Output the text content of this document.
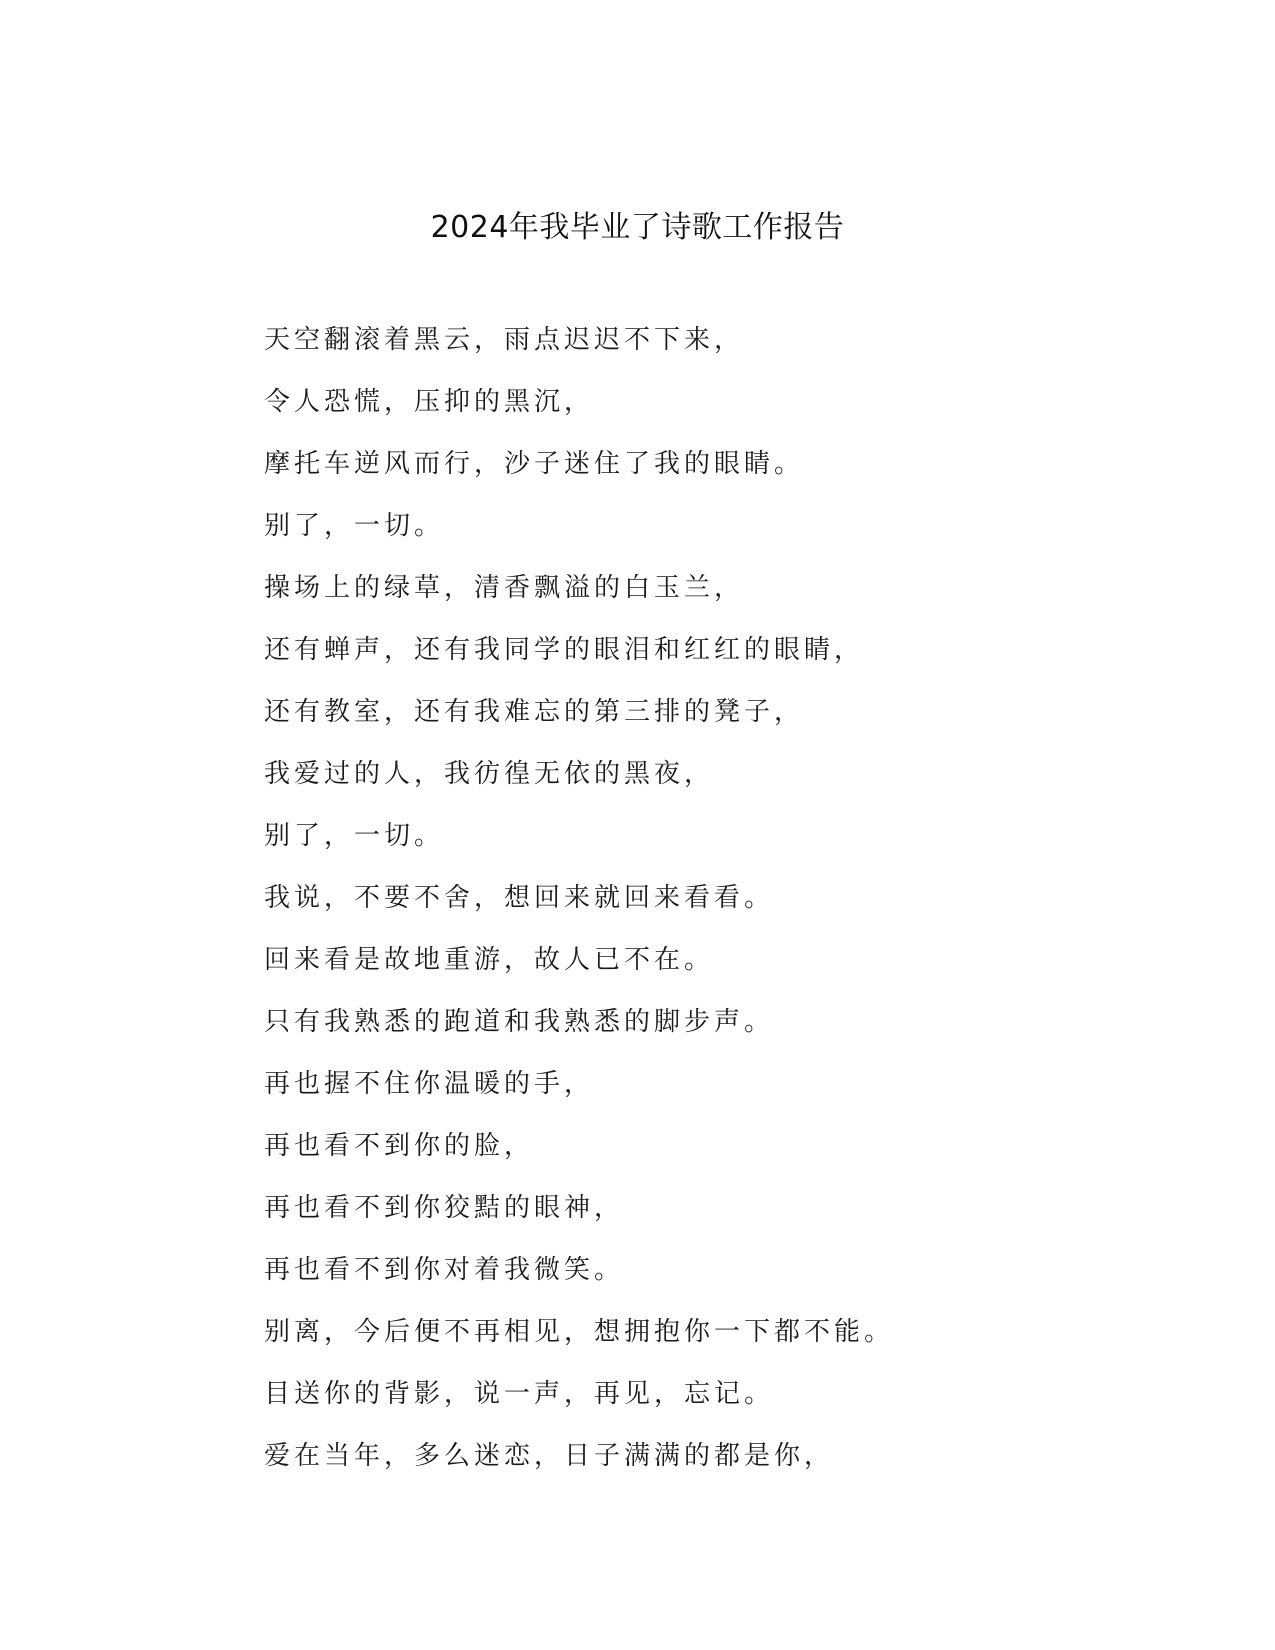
2024年我毕业了诗歌工作报告
天空翻滚着黑云，雨点迟迟不下来，
令人恐慌，压抑的黑沉，
摩托车逆风而行，沙子迷住了我的眼睛。
别了，一切。
操场上的绿草，清香飘溢的白玉兰，
还有蝉声，还有我同学的眼泪和红红的眼睛，
还有教室，还有我难忘的第三排的凳子，
我爱过的人，我彷徨无依的黑夜，
别了，一切。
我说，不要不舍，想回来就回来看看。
回来看是故地重游，故人已不在。
只有我熟悉的跑道和我熟悉的脚步声。
再也握不住你温暖的手，
再也看不到你的脸，
再也看不到你狡黠的眼神，
再也看不到你对着我微笑。
别离，今后便不再相见，想拥抱你一下都不能。
目送你的背影，说一声，再见，忘记。
爱在当年，多么迷恋，日子满满的都是你，
